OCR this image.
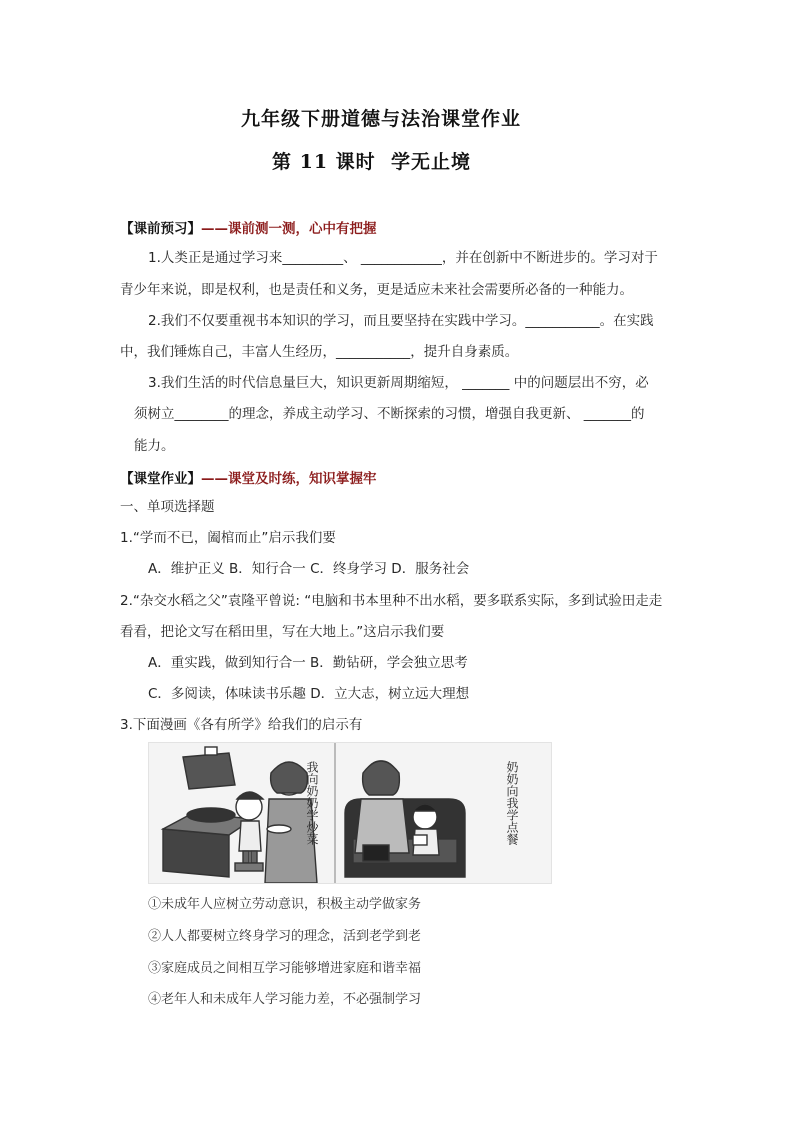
九年级下册道德与法治课堂作业
第 11 课时 学无止境
【课前预习】——课前测一测，心中有把握
1.人类正是通过学习来_________、 ____________，并在创新中不断进步的。学习对于
青少年来说，即是权利，也是责任和义务，更是适应未来社会需要所必备的一种能力。
2.我们不仅要重视书本知识的学习，而且要坚持在实践中学习。___________。在实践
中，我们锤炼自己，丰富人生经历，___________，提升自身素质。
3.我们生活的时代信息量巨大，知识更新周期缩短， _______ 中的问题层出不穷，必
须树立________的理念，养成主动学习、不断探索的习惯，增强自我更新、 _______的
能力。
【课堂作业】——课堂及时练，知识掌握牢
一、单项选择题
1.“学而不已，阖棺而止”启示我们要
A．维护正义 B．知行合一 C．终身学习 D．服务社会
2.“杂交水稻之父”袁隆平曾说: “电脑和书本里种不出水稻，要多联系实际，多到试验田走走
看看，把论文写在稻田里，写在大地上。”这启示我们要
A．重实践，做到知行合一 B．勤钻研，学会独立思考
C．多阅读，体味读书乐趣 D．立大志，树立远大理想
3.下面漫画《各有所学》给我们的启示有
我向奶奶学炒菜	奶奶向我学点餐
①未成年人应树立劳动意识，积极主动学做家务
②人人都要树立终身学习的理念，活到老学到老
③家庭成员之间相互学习能够增进家庭和谐幸福
④老年人和未成年人学习能力差，不必强制学习
